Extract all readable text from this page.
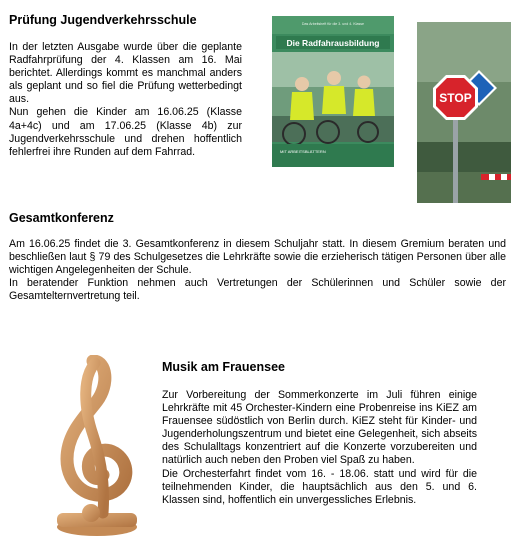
Prüfung Jugendverkehrsschule

In der letzten Ausgabe wurde über die geplante Radfahrprüfung der 4. Klassen am 16. Mai berichtet. Allerdings kommt es manchmal anders als geplant und so fiel die Prüfung wetterbedingt aus.

Nun gehen die Kinder am 16.06.25 (Klasse 4a+4c) und am 17.06.25 (Klasse 4b) zur Jugendverkehrsschule und drehen hoffentlich fehlerfrei ihre Runden auf dem Fahrrad.

Das Arbeitsheft für die 3. und 4. Klasse
Die Radfahrausbildung
MIT ARBEITSBLÄTTERN
STOP
Gesamtkonferenz

Am 16.06.25 findet die 3. Gesamtkonferenz in diesem Schuljahr statt. In diesem Gremium beraten und beschließen laut § 79 des Schulgesetzes die Lehrkräfte sowie die erzieherisch tätigen Personen über alle wichtigen Angelegenheiten der Schule.

In beratender Funktion nehmen auch Vertretungen der Schülerinnen und Schüler sowie der Gesamtelternvertretung teil.

Musik am Frauensee

Zur Vorbereitung der Sommerkonzerte im Juli führen einige Lehrkräfte mit 45 Orchester-Kindern eine Probenreise ins KiEZ am Frauensee südöstlich von Berlin durch. KiEZ steht für Kinder- und Jugenderholungszentrum und bietet eine Gelegenheit, sich abseits des Schulalltags konzentriert auf die Konzerte vorzubereiten und natürlich auch neben den Proben viel Spaß zu haben.

Die Orchesterfahrt findet vom 16. - 18.06. statt und wird für die teilnehmenden Kinder, die hauptsächlich aus den 5. und 6. Klassen sind, hoffentlich ein unvergessliches Erlebnis.
